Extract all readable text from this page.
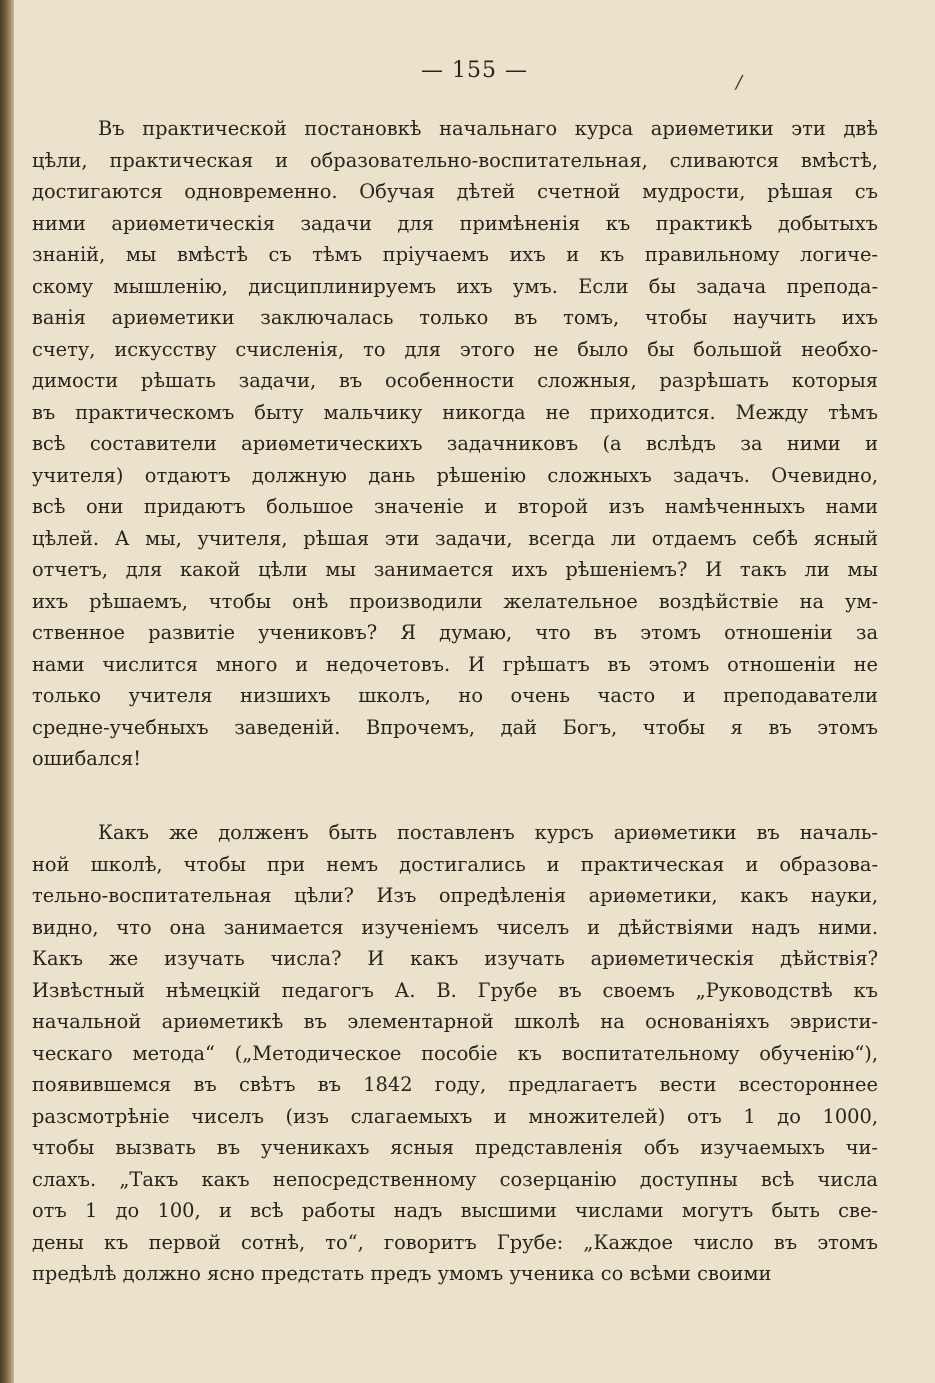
— 155 —	/
Въ практической постановкѣ начальнаго курса ариѳметики эти двѣ
цѣли, практическая и образовательно-воспитательная, сливаются вмѣстѣ,
достигаются одновременно. Обучая дѣтей счетной мудрости, рѣшая съ
ними ариѳметическія задачи для примѣненія къ практикѣ добытыхъ
знаній, мы вмѣстѣ съ тѣмъ пріучаемъ ихъ и къ правильному логиче-
скому мышленію, дисциплинируемъ ихъ умъ. Если бы задача препода-
ванія ариѳметики заключалась только въ томъ, чтобы научить ихъ
счету, искусству счисленія, то для этого не было бы большой необхо-
димости рѣшать задачи, въ особенности сложныя, разрѣшать которыя
въ практическомъ быту мальчику никогда не приходится. Между тѣмъ
всѣ составители ариѳметическихъ задачниковъ (а вслѣдъ за ними и
учителя) отдаютъ должную дань рѣшенію сложныхъ задачъ. Очевидно,
всѣ они придаютъ большое значеніе и второй изъ намѣченныхъ нами
цѣлей. А мы, учителя, рѣшая эти задачи, всегда ли отдаемъ себѣ ясный
отчетъ, для какой цѣли мы занимается ихъ рѣшеніемъ? И такъ ли мы
ихъ рѣшаемъ, чтобы онѣ производили желательное воздѣйствіе на ум-
ственное развитіе учениковъ? Я думаю, что въ этомъ отношеніи за
нами числится много и недочетовъ. И грѣшатъ въ этомъ отношеніи не
только учителя низшихъ школъ, но очень часто и преподаватели
средне-учебныхъ заведеній. Впрочемъ, дай Богъ, чтобы я въ этомъ
ошибался!
Какъ же долженъ быть поставленъ курсъ ариѳметики въ началь-
ной школѣ, чтобы при немъ достигались и практическая и образова-
тельно-воспитательная цѣли? Изъ опредѣленія ариѳметики, какъ науки,
видно, что она занимается изученіемъ чиселъ и дѣйствіями надъ ними.
Какъ же изучать числа? И какъ изучать ариѳметическія дѣйствія?
Извѣстный нѣмецкій педагогъ А. В. Грубе въ своемъ „Руководствѣ къ
начальной ариѳметикѣ въ элементарной школѣ на основаніяхъ эвристи-
ческаго метода“ („Методическое пособіе къ воспитательному обученію“),
появившемся въ свѣтъ въ 1842 году, предлагаетъ вести всестороннее
разсмотрѣніе чиселъ (изъ слагаемыхъ и множителей) отъ 1 до 1000,
чтобы вызвать въ ученикахъ ясныя представленія объ изучаемыхъ чи-
слахъ. „Такъ какъ непосредственному созерцанію доступны всѣ числа
отъ 1 до 100, и всѣ работы надъ высшими числами могутъ быть све-
дены къ первой сотнѣ, то“, говоритъ Грубе: „Каждое число въ этомъ
предѣлѣ должно ясно предстать предъ умомъ ученика со всѣми своими
